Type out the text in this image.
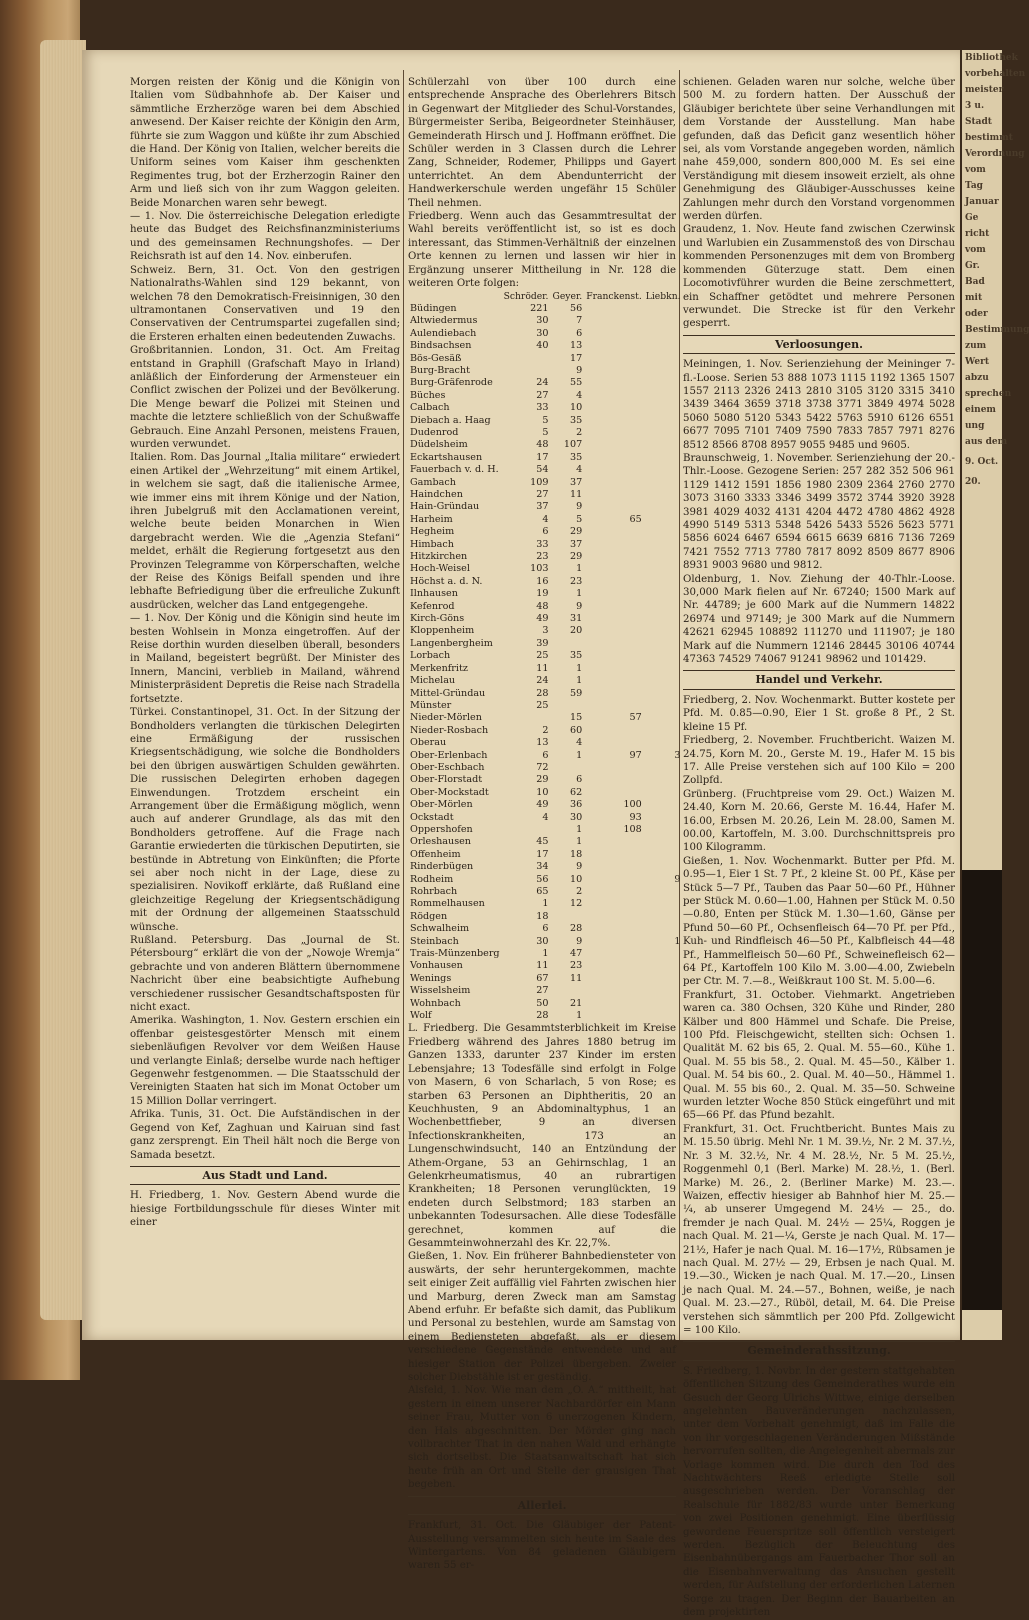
Morgen reisten der König und die Königin von Italien vom Südbahnhofe ab. Der Kaiser und sämmtliche Erzherzöge waren bei dem Abschied anwesend. Der Kaiser reichte der Königin den Arm, führte sie zum Waggon und küßte ihr zum Abschied die Hand. Der König von Italien, welcher bereits die Uniform seines vom Kaiser ihm geschenkten Regimentes trug, bot der Erzherzogin Rainer den Arm und ließ sich von ihr zum Waggon geleiten. Beide Monarchen waren sehr bewegt.

— 1. Nov. Die österreichische Delegation erledigte heute das Budget des Reichsfinanzministeriums und des gemeinsamen Rechnungshofes. — Der Reichsrath ist auf den 14. Nov. einberufen.

Schweiz. Bern, 31. Oct. Von den gestrigen Nationalraths-Wahlen sind 129 bekannt, von welchen 78 den Demokratisch-Freisinnigen, 30 den ultramontanen Conservativen und 19 den Conservativen der Centrumspartei zugefallen sind; die Ersteren erhalten einen bedeutenden Zuwachs.

Großbritannien. London, 31. Oct. Am Freitag entstand in Graphill (Grafschaft Mayo in Irland) anläßlich der Einforderung der Armensteuer ein Conflict zwischen der Polizei und der Bevölkerung. Die Menge bewarf die Polizei mit Steinen und machte die letztere schließlich von der Schußwaffe Gebrauch. Eine Anzahl Personen, meistens Frauen, wurden verwundet.

Italien. Rom. Das Journal „Italia militare“ erwiedert einen Artikel der „Wehrzeitung“ mit einem Artikel, in welchem sie sagt, daß die italienische Armee, wie immer eins mit ihrem Könige und der Nation, ihren Jubelgruß mit den Acclamationen vereint, welche beute beiden Monarchen in Wien dargebracht werden. Wie die „Agenzia Stefani“ meldet, erhält die Regierung fortgesetzt aus den Provinzen Telegramme von Körperschaften, welche der Reise des Königs Beifall spenden und ihre lebhafte Befriedigung über die erfreuliche Zukunft ausdrücken, welcher das Land entgegengehe.

— 1. Nov. Der König und die Königin sind heute im besten Wohlsein in Monza eingetroffen. Auf der Reise dorthin wurden dieselben überall, besonders in Mailand, begeistert begrüßt. Der Minister des Innern, Mancini, verblieb in Mailand, während Ministerpräsident Depretis die Reise nach Stradella fortsetzte.

Türkei. Constantinopel, 31. Oct. In der Sitzung der Bondholders verlangten die türkischen Delegirten eine Ermäßigung der russischen Kriegsentschädigung, wie solche die Bondholders bei den übrigen auswärtigen Schulden gewährten. Die russischen Delegirten erhoben dagegen Einwendungen. Trotzdem erscheint ein Arrangement über die Ermäßigung möglich, wenn auch auf anderer Grundlage, als das mit den Bondholders getroffene. Auf die Frage nach Garantie erwiederten die türkischen Deputirten, sie bestünde in Abtretung von Einkünften; die Pforte sei aber noch nicht in der Lage, diese zu spezialisiren. Novikoff erklärte, daß Rußland eine gleichzeitige Regelung der Kriegsentschädigung mit der Ordnung der allgemeinen Staatsschuld wünsche.

Rußland. Petersburg. Das „Journal de St. Pétersbourg“ erklärt die von der „Nowoje Wremja“ gebrachte und von anderen Blättern übernommene Nachricht über eine beabsichtigte Aufhebung verschiedener russischer Gesandtschaftsposten für nicht exact.

Amerika. Washington, 1. Nov. Gestern erschien ein offenbar geistesgestörter Mensch mit einem siebenläufigen Revolver vor dem Weißen Hause und verlangte Einlaß; derselbe wurde nach heftiger Gegenwehr festgenommen. — Die Staatsschuld der Vereinigten Staaten hat sich im Monat October um 15 Million Dollar verringert.

Afrika. Tunis, 31. Oct. Die Aufständischen in der Gegend von Kef, Zaghuan und Kairuan sind fast ganz zersprengt. Ein Theil hält noch die Berge von Samada besetzt.

Aus Stadt und Land.

H. Friedberg, 1. Nov. Gestern Abend wurde die hiesige Fortbildungsschule für dieses Winter mit einer

Schülerzahl von über 100 durch eine entsprechende Ansprache des Oberlehrers Bitsch in Gegenwart der Mitglieder des Schul-Vorstandes, Bürgermeister Seriba, Beigeordneter Steinhäuser, Gemeinderath Hirsch und J. Hoffmann eröffnet. Die Schüler werden in 3 Classen durch die Lehrer Zang, Schneider, Rodemer, Philipps und Gayert unterrichtet. An dem Abendunterricht der Handwerkerschule werden ungefähr 15 Schüler Theil nehmen.

Friedberg. Wenn auch das Gesammtresultat der Wahl bereits veröffentlicht ist, so ist es doch interessant, das Stimmen-Verhältniß der einzelnen Orte kennen zu lernen und lassen wir hier in Ergänzung unserer Mittheilung in Nr. 128 die weiteren Orte folgen:

	Schröder.	Geyer.	Franckenst.	Liebkn.
Büdingen	221	56		
Altwiedermus	30	7		
Aulendiebach	30	6		
Bindsachsen	40	13		
Bös-Gesäß		17		
Burg-Bracht		9		
Burg-Gräfenrode	24	55		
Büches	27	4		
Calbach	33	10		
Diebach a. Haag	5	35		
Dudenrod	5	2		
Düdelsheim	48	107		
Eckartshausen	17	35		
Fauerbach v. d. H.	54	4		
Gambach	109	37		
Haindchen	27	11		
Hain-Gründau	37	9		
Harheim	4	5	65	
Hegheim	6	29		
Himbach	33	37		
Hitzkirchen	23	29		
Hoch-Weisel	103	1		
Höchst a. d. N.	16	23		
Ilnhausen	19	1		
Kefenrod	48	9		
Kirch-Göns	49	31		
Kloppenheim	3	20		
Langenbergheim	39			
Lorbach	25	35		
Merkenfritz	11	1		
Michelau	24	1		
Mittel-Gründau	28	59		
Münster	25			
Nieder-Mörlen		15	57	
Nieder-Rosbach	2	60		
Oberau	13	4		
Ober-Erlenbach	6	1	97	3
Ober-Eschbach	72			
Ober-Florstadt	29	6		
Ober-Mockstadt	10	62		
Ober-Mörlen	49	36	100	
Ockstadt	4	30	93	
Oppershofen		1	108	
Orleshausen	45	1		
Offenheim	17	18		
Rinderbügen	34	9		
Rodheim	56	10		9
Rohrbach	65	2		
Rommelhausen	1	12		
Rödgen	18			
Schwalheim	6	28		
Steinbach	30	9		1
Trais-Münzenberg	1	47		
Vonhausen	11	23		
Wenings	67	11		
Wisselsheim	27			
Wohnbach	50	21		
Wolf	28	1		

L. Friedberg. Die Gesammtsterblichkeit im Kreise Friedberg während des Jahres 1880 betrug im Ganzen 1333, darunter 237 Kinder im ersten Lebensjahre; 13 Todesfälle sind erfolgt in Folge von Masern, 6 von Scharlach, 5 von Rose; es starben 63 Personen an Diphtheritis, 20 an Keuchhusten, 9 an Abdominaltyphus, 1 an Wochenbettfieber, 9 an diversen Infectionskrankheiten, 173 an Lungenschwindsucht, 140 an Entzündung der Athem-Organe, 53 an Gehirnschlag, 1 an Gelenkrheumatismus, 40 an rubrartigen Krankheiten; 18 Personen verunglückten, 19 endeten durch Selbstmord; 183 starben an unbekannten Todesursachen. Alle diese Todesfälle gerechnet, kommen auf die Gesammteinwohnerzahl des Kr. 22,7%.

Gießen, 1. Nov. Ein früherer Bahnbediensteter von auswärts, der sehr heruntergekommen, machte seit einiger Zeit auffällig viel Fahrten zwischen hier und Marburg, deren Zweck man am Samstag Abend erfuhr. Er befaßte sich damit, das Publikum und Personal zu bestehlen, wurde am Samstag von einem Bediensteten abgefaßt, als er diesem verschiedene Gegenstände entwendete und auf hiesiger Station der Polizei übergeben. Zweier solcher Diebstähle ist er geständig.

Alsfeld, 1. Nov. Wie man dem „O. A.“ mittheilt, hat gestern in einem unserer Nachbardörfer ein Mann seiner Frau, Mutter von 6 unerzogenen Kindern, den Hals abgeschnitten. Der Mörder ging nach vollbrachter That in den nahen Wald und erhängte sich dortselbst. Die Staatsanwaltschaft hat sich heute früh an Ort und Stelle der grausigen That begeben.

Allerlei.

Frankfurt, 31. Oct. Die Gläubiger der Patent-Ausstellung versammelten sich heute im Saale des Wintergartens. Von 84 geladenen Gläubigern waren 55 er-

schienen. Geladen waren nur solche, welche über 500 M. zu fordern hatten. Der Ausschuß der Gläubiger berichtete über seine Verhandlungen mit dem Vorstande der Ausstellung. Man habe gefunden, daß das Deficit ganz wesentlich höher sei, als vom Vorstande angegeben worden, nämlich nahe 459,000, sondern 800,000 M. Es sei eine Verständigung mit diesem insoweit erzielt, als ohne Genehmigung des Gläubiger-Ausschusses keine Zahlungen mehr durch den Vorstand vorgenommen werden dürfen.

Graudenz, 1. Nov. Heute fand zwischen Czerwinsk und Warlubien ein Zusammenstoß des von Dirschau kommenden Personenzuges mit dem von Bromberg kommenden Güterzuge statt. Dem einen Locomotivführer wurden die Beine zerschmettert, ein Schaffner getödtet und mehrere Personen verwundet. Die Strecke ist für den Verkehr gesperrt.

Verloosungen.

Meiningen, 1. Nov. Serienziehung der Meininger 7-fl.-Loose. Serien 53 888 1073 1115 1192 1365 1507 1557 2113 2326 2413 2810 3105 3120 3315 3410 3439 3464 3659 3718 3738 3771 3849 4974 5028 5060 5080 5120 5343 5422 5763 5910 6126 6551 6677 7095 7101 7409 7590 7833 7857 7971 8276 8512 8566 8708 8957 9055 9485 und 9605.

Braunschweig, 1. November. Serienziehung der 20.-Thlr.-Loose. Gezogene Serien: 257 282 352 506 961 1129 1412 1591 1856 1980 2309 2364 2760 2770 3073 3160 3333 3346 3499 3572 3744 3920 3928 3981 4029 4032 4131 4204 4472 4780 4862 4928 4990 5149 5313 5348 5426 5433 5526 5623 5771 5856 6024 6467 6594 6615 6639 6816 7136 7269 7421 7552 7713 7780 7817 8092 8509 8677 8906 8931 9003 9680 und 9812.

Oldenburg, 1. Nov. Ziehung der 40-Thlr.-Loose. 30,000 Mark fielen auf Nr. 67240; 1500 Mark auf Nr. 44789; je 600 Mark auf die Nummern 14822 26974 und 97149; je 300 Mark auf die Nummern 42621 62945 108892 111270 und 111907; je 180 Mark auf die Nummern 12146 28445 30106 40744 47363 74529 74067 91241 98962 und 101429.

Handel und Verkehr.

Friedberg, 2. Nov. Wochenmarkt. Butter kostete per Pfd. M. 0.85—0.90, Eier 1 St. große 8 Pf., 2 St. kleine 15 Pf.

Friedberg, 2. November. Fruchtbericht. Waizen M. 24.75, Korn M. 20., Gerste M. 19., Hafer M. 15 bis 17. Alle Preise verstehen sich auf 100 Kilo = 200 Zollpfd.

Grünberg. (Fruchtpreise vom 29. Oct.) Waizen M. 24.40, Korn M. 20.66, Gerste M. 16.44, Hafer M. 16.00, Erbsen M. 20.26, Lein M. 28.00, Samen M. 00.00, Kartoffeln, M. 3.00. Durchschnittspreis pro 100 Kilogramm.

Gießen, 1. Nov. Wochenmarkt. Butter per Pfd. M. 0.95—1, Eier 1 St. 7 Pf., 2 kleine St. 00 Pf., Käse per Stück 5—7 Pf., Tauben das Paar 50—60 Pf., Hühner per Stück M. 0.60—1.00, Hahnen per Stück M. 0.50—0.80, Enten per Stück M. 1.30—1.60, Gänse per Pfund 50—60 Pf., Ochsenfleisch 64—70 Pf. per Pfd., Kuh- und Rindfleisch 46—50 Pf., Kalbfleisch 44—48 Pf., Hammelfleisch 50—60 Pf., Schweinefleisch 62—64 Pf., Kartoffeln 100 Kilo M. 3.00—4.00, Zwiebeln per Ctr. M. 7.—8., Weißkraut 100 St. M. 5.00—6.

Frankfurt, 31. October. Viehmarkt. Angetrieben waren ca. 380 Ochsen, 320 Kühe und Rinder, 280 Kälber und 800 Hämmel und Schafe. Die Preise, 100 Pfd. Fleischgewicht, stellten sich: Ochsen 1. Qualität M. 62 bis 65, 2. Qual. M. 55—60., Kühe 1. Qual. M. 55 bis 58., 2. Qual. M. 45—50., Kälber 1. Qual. M. 54 bis 60., 2. Qual. M. 40—50., Hämmel 1. Qual. M. 55 bis 60., 2. Qual. M. 35—50. Schweine wurden letzter Woche 850 Stück eingeführt und mit 65—66 Pf. das Pfund bezahlt.

Frankfurt, 31. Oct. Fruchtbericht. Buntes Mais zu M. 15.50 übrig. Mehl Nr. 1 M. 39.½, Nr. 2 M. 37.½, Nr. 3 M. 32.½, Nr. 4 M. 28.½, Nr. 5 M. 25.½, Roggenmehl 0,1 (Berl. Marke) M. 28.½, 1. (Berl. Marke) M. 26., 2. (Berliner Marke) M. 23.—. Waizen, effectiv hiesiger ab Bahnhof hier M. 25.—¼, ab unserer Umgegend M. 24½ — 25., do. fremder je nach Qual. M. 24½ — 25¼, Roggen je nach Qual. M. 21—¼, Gerste je nach Qual. M. 17—21½, Hafer je nach Qual. M. 16—17½, Rübsamen je nach Qual. M. 27½ — 29, Erbsen je nach Qual. M. 19.—30., Wicken je nach Qual. M. 17.—20., Linsen je nach Qual. M. 24.—57., Bohnen, weiße, je nach Qual. M. 23.—27., Rüböl, detail, M. 64. Die Preise verstehen sich sämmtlich per 200 Pfd. Zollgewicht = 100 Kilo.

Gemeinderathssitzung.

S. Friedberg, 1. Novbr. In der gestern stattgehabten öffentlichen Sitzung des Gemeinderathes wurde ein Gesuch der Georg Ulrichs Wittwe, einige derselben angelehnten Bauveränderungen nachzulassen, unter dem Vorbehalt genehmigt, daß im Falle die von ihr vorgeschlagenen Veränderungen Mißstände hervorrufen sollten, die Angelegenheit abermals zur Vorlage kommen wird. Die durch den Tod des Nachtwächters Reeß erledigte Stelle soll ausgeschrieben werden. Der Voranschlag der Realschule für 1882/83 wurde unter Bemerkung von zwei Positionen genehmigt. Eine überflüssig gewordene Feuerspritze soll öffentlich versteigert werden. Bezüglich der Beleuchtung des Eisenbahnübergangs am Fauerbacher Thor soll an die Eisenbahnverwaltung das Ansuchen gestellt werden, für Aufstellung der erforderlichen Laternen Sorge zu tragen. Der Beginn der Bauarbeiten an dem projektirten

Bibliothek
vorbehalten
meister
3 u.
Stadt
bestimmt
Verordnung
vom
Tag
Januar
Ge
richt
vom
Gr.
Bad
mit
oder
Bestimmung
zum
Wert
abzu
sprechen
einem
ung
aus dem
9. Oct.
20.
